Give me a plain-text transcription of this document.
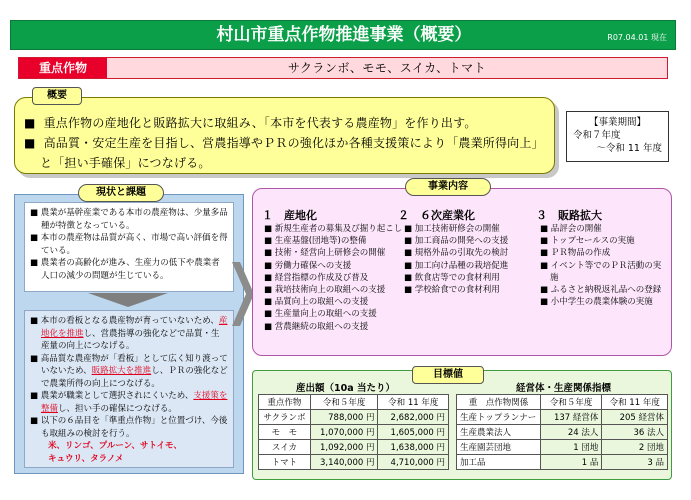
村山市重点作物推進事業（概要）	R07.04.01 現在
重点作物	サクランボ、モモ、スイカ、トマト
概要
■ 重点作物の産地化と販路拡大に取組み、「本市を代表する農産物」を作り出す。
■ 高品質・安定生産を目指し、営農指導やＰＲの強化ほか各種支援策により「農業所得向上」
と「担い手確保」につなげる。
【事業期間】
令和７年度
～令和 11 年度
■ 農業が基幹産業である本市の農産物は、少量多品種が特徴となっている。
■ 本市の農産物は品質が高く、市場で高い評価を得ている。
■ 農業者の高齢化が進み、生産力の低下や農業者人口の減少の問題が生じている。
現状と課題
■ 本市の看板となる農産物が育っていないため、産地化を推進し、営農指導の強化などで品質・生産量の向上につなげる。
■ 高品質な農産物が「看板」として広く知り渡っていないため、販路拡大を推進し、ＰＲの強化などで農業所得の向上につなげる。
■ 農業が職業として選択されにくいため、支援策を整備し、担い手の確保につなげる。
■ 以下の６品目を「準重点作物」と位置づけ、今後も取組みの検討を行う。
米、リンゴ、プルーン、サトイモ、
キュウリ、タラノメ
事業内容
１　産地化
■ 新規生産者の募集及び掘り起こし
■ 生産基盤(団地等)の整備
■ 技術・経営向上研修会の開催
■ 労働力確保への支援
■ 経営指標の作成及び普及
■ 栽培技術向上の取組への支援
■ 品質向上の取組への支援
■ 生産量向上の取組への支援
■ 営農継続の取組への支援
２　６次産業化
■ 加工技術研修会の開催
■ 加工商品の開発への支援
■ 規格外品の引取先の検討
■ 加工向け品種の栽培促進
■ 飲食店等での食材利用
■ 学校給食での食材利用
３　販路拡大
■ 品評会の開催
■ トップセールスの実施
■ ＰＲ物品の作成
■ イベント等でのＰＲ活動の実施
■ ふるさと納税返礼品への登録
■ 小中学生の農業体験の実施
目標値
産出額（10a 当たり）
重点作物	令和５年度	令和 11 年度
サクランボ	788,000 円	2,682,000 円
モ　モ	1,070,000 円	1,605,000 円
スイカ	1,092,000 円	1,638,000 円
トマト	3,140,000 円	4,710,000 円
経営体・生産関係指標
重　点作物関係	令和５年度	令和 11 年度
生産トップランナー	137 経営体	205 経営体
生産農業法人	24 法人	36 法人
生産園芸団地	1 団地	2 団地
加工品	1 品	3 品
